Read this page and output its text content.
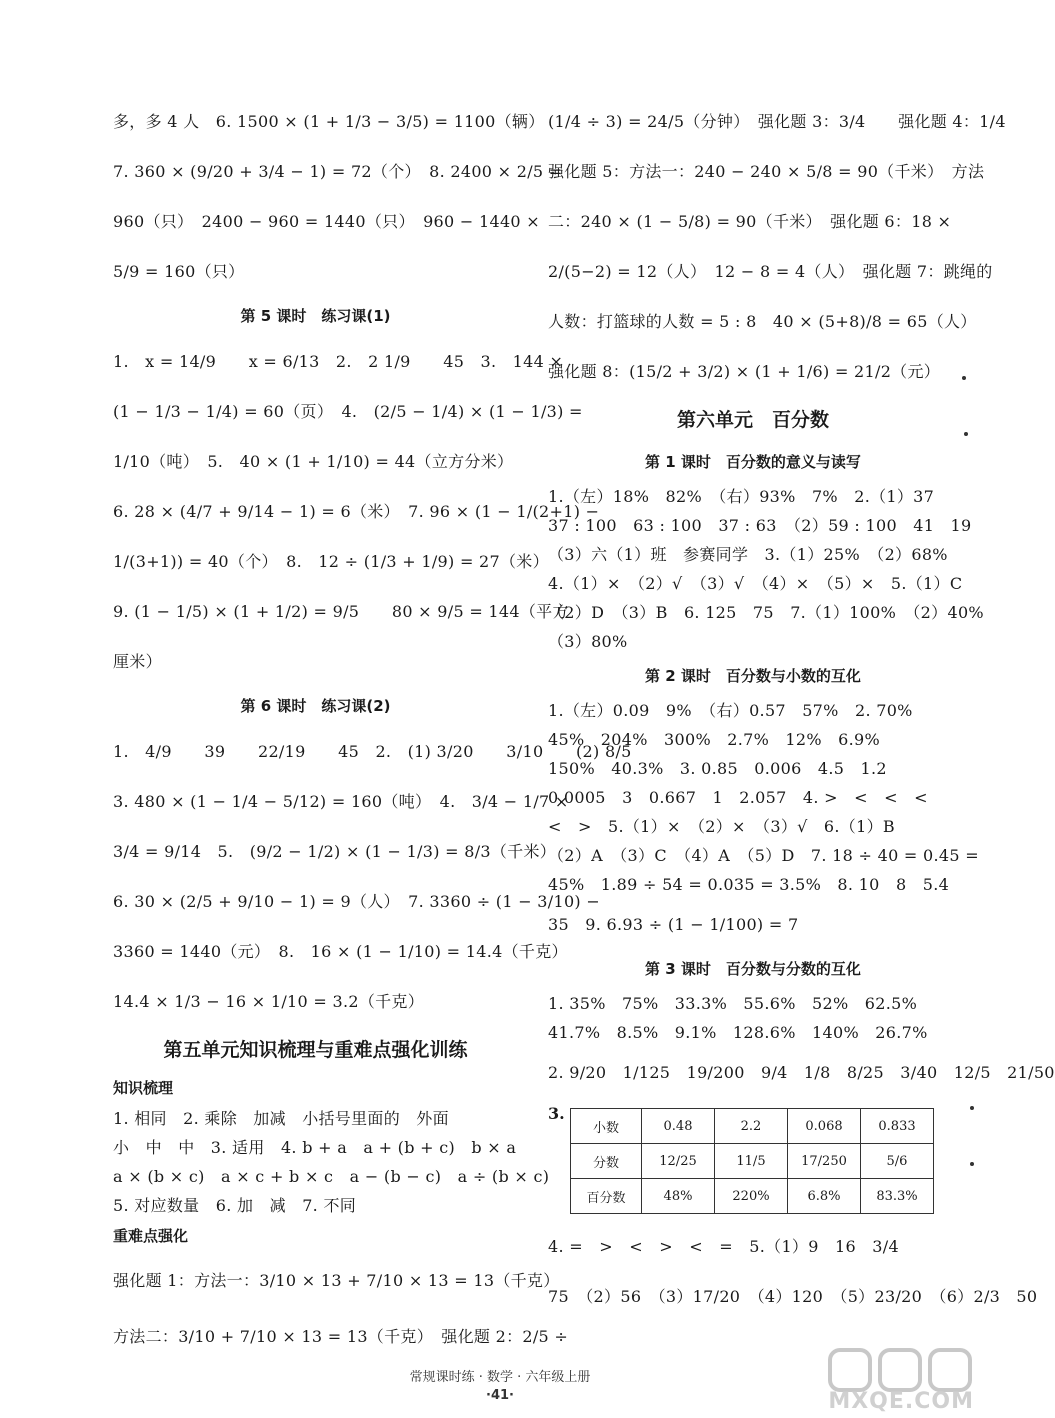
多，多 4 人　6. 1500 × (1 + 1/3 − 3/5) = 1100（辆）
7. 360 × (9/20 + 3/4 − 1) = 72（个）　8. 2400 × 2/5 =
960（只）　2400 − 960 = 1440（只）　960 − 1440 ×
5/9 = 160（只）
第 5 课时　练习课(1)
1.　x = 14/9　　x = 6/13　2.　2 1/9　　45　3.　144 ×
(1 − 1/3 − 1/4) = 60（页）　4.　(2/5 − 1/4) × (1 − 1/3) =
1/10（吨）　5.　40 × (1 + 1/10) = 44（立方分米）
6. 28 × (4/7 + 9/14 − 1) = 6（米）　7. 96 × (1 − 1/(2+1) −
1/(3+1)) = 40（个）　8.　12 ÷ (1/3 + 1/9) = 27（米）
9. (1 − 1/5) × (1 + 1/2) = 9/5　　80 × 9/5 = 144（平方
厘米）
第 6 课时　练习课(2)
1.　4/9　　39　　22/19　　45　2.　(1) 3/20　　3/10　　(2) 8/5
3. 480 × (1 − 1/4 − 5/12) = 160（吨）　4.　3/4 − 1/7 ×
3/4 = 9/14　5.　(9/2 − 1/2) × (1 − 1/3) = 8/3（千米）
6. 30 × (2/5 + 9/10 − 1) = 9（人）　7. 3360 ÷ (1 − 3/10) −
3360 = 1440（元）　8.　16 × (1 − 1/10) = 14.4（千克）
14.4 × 1/3 − 16 × 1/10 = 3.2（千克）
第五单元知识梳理与重难点强化训练
知识梳理
1. 相同　2. 乘除　加减　小括号里面的　外面
小　中　中　3. 适用　4. b + a　a + (b + c)　b × a
a × (b × c)　a × c + b × c　a − (b − c)　a ÷ (b × c)
5. 对应数量　6. 加　减　7. 不同
重难点强化
强化题 1：方法一：3/10 × 13 + 7/10 × 13 = 13（千克）
方法二：3/10 + 7/10 × 13 = 13（千克）　强化题 2：2/5 ÷
(1/4 ÷ 3) = 24/5（分钟）　强化题 3：3/4　　强化题 4：1/4
强化题 5：方法一：240 − 240 × 5/8 = 90（千米）　方法
二：240 × (1 − 5/8) = 90（千米）　强化题 6：18 ×
2/(5−2) = 12（人）　12 − 8 = 4（人）　强化题 7：跳绳的
人数：打篮球的人数 = 5 : 8　40 × (5+8)/8 = 65（人）
强化题 8：(15/2 + 3/2) × (1 + 1/6) = 21/2（元）
第六单元　百分数
第 1 课时　百分数的意义与读写
1.（左）18%　82%　（右）93%　7%　2.（1）37
37 : 100　63 : 100　37 : 63　（2）59 : 100　41　19
（3）六（1）班　参赛同学　3.（1）25%　（2）68%
4.（1）×　（2）√　（3）√　（4）×　（5）×　5.（1）C
（2）D　（3）B　6. 125　75　7.（1）100%　（2）40%
（3）80%
第 2 课时　百分数与小数的互化
1.（左）0.09　9%　（右）0.57　57%　2. 70%
45%　204%　300%　2.7%　12%　6.9%
150%　40.3%　3. 0.85　0.006　4.5　1.2
0.0005　3　0.667　1　2.057　4. >　<　<　<
<　>　5.（1）×　（2）×　（3）√　6.（1）B
（2）A　（3）C　（4）A　（5）D　7. 18 ÷ 40 = 0.45 =
45%　1.89 ÷ 54 = 0.035 = 3.5%　8. 10　8　5.4
35　9. 6.93 ÷ (1 − 1/100) = 7
第 3 课时　百分数与分数的互化
1. 35%　75%　33.3%　55.6%　52%　62.5%
41.7%　8.5%　9.1%　128.6%　140%　26.7%
2. 9/20　1/125　19/200　9/4　1/8　8/25　3/40　12/5　21/50
3.
小数	0.48	2.2	0.068	0.833
分数	12/25	11/5	17/250	5/6
百分数	48%	220%	6.8%	83.3%
4. =　>　<　>　<　=　5.（1）9　16　3/4
75　（2）56　（3）17/20　（4）120　（5）23/20　（6）2/3　50
常规课时练 · 数学 · 六年级上册
·41·	MXQE.COM
